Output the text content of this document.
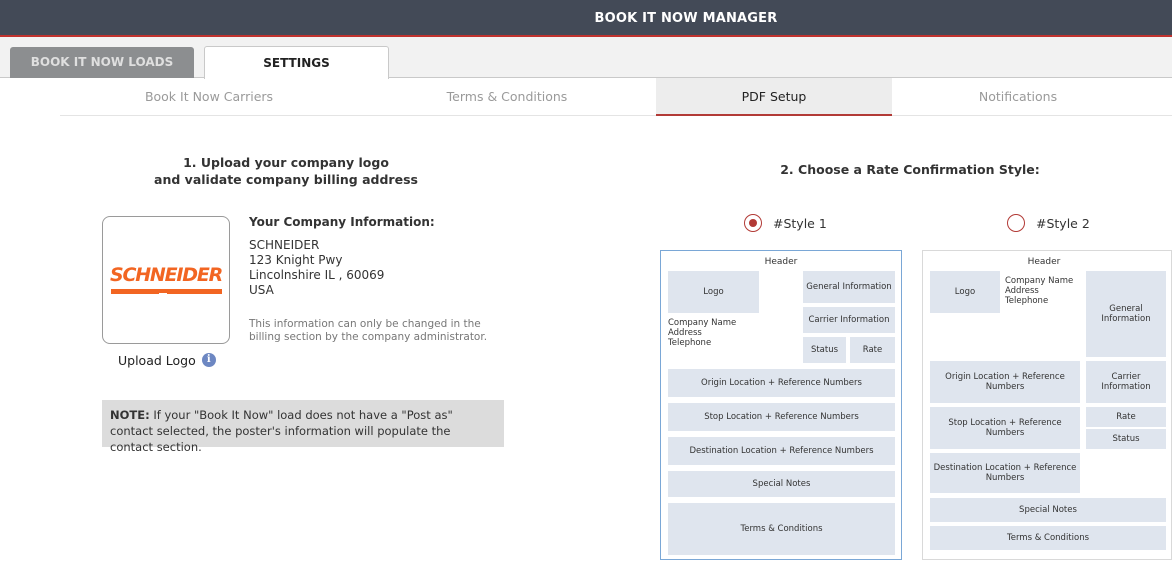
BOOK IT NOW MANAGER
BOOK IT NOW LOADS	SETTINGS
Book It Now Carriers	Terms & Conditions	PDF Setup	Notifications
1. Upload your company logo
and validate company billing address
SCHNEIDER
Upload Logo	i
Your Company Information:
SCHNEIDER
123 Knight Pwy
Lincolnshire IL , 60069
USA
This information can only be changed in the billing section by the company administrator.
NOTE: If your "Book It Now" load does not have a "Post as" contact selected, the poster's information will populate the contact section.
2. Choose a Rate Confirmation Style:
#Style 1	#Style 2
Header
Logo	General Information
Carrier Information
Company Name
Address
Telephone
Status	Rate
Origin Location + Reference Numbers
Stop Location + Reference Numbers
Destination Location + Reference Numbers
Special Notes
Terms & Conditions
Header
Logo
Company Name
Address
Telephone
General Information
Origin Location + Reference Numbers
Carrier Information
Stop Location + Reference Numbers
Rate
Status
Destination Location + Reference Numbers
Special Notes
Terms & Conditions
